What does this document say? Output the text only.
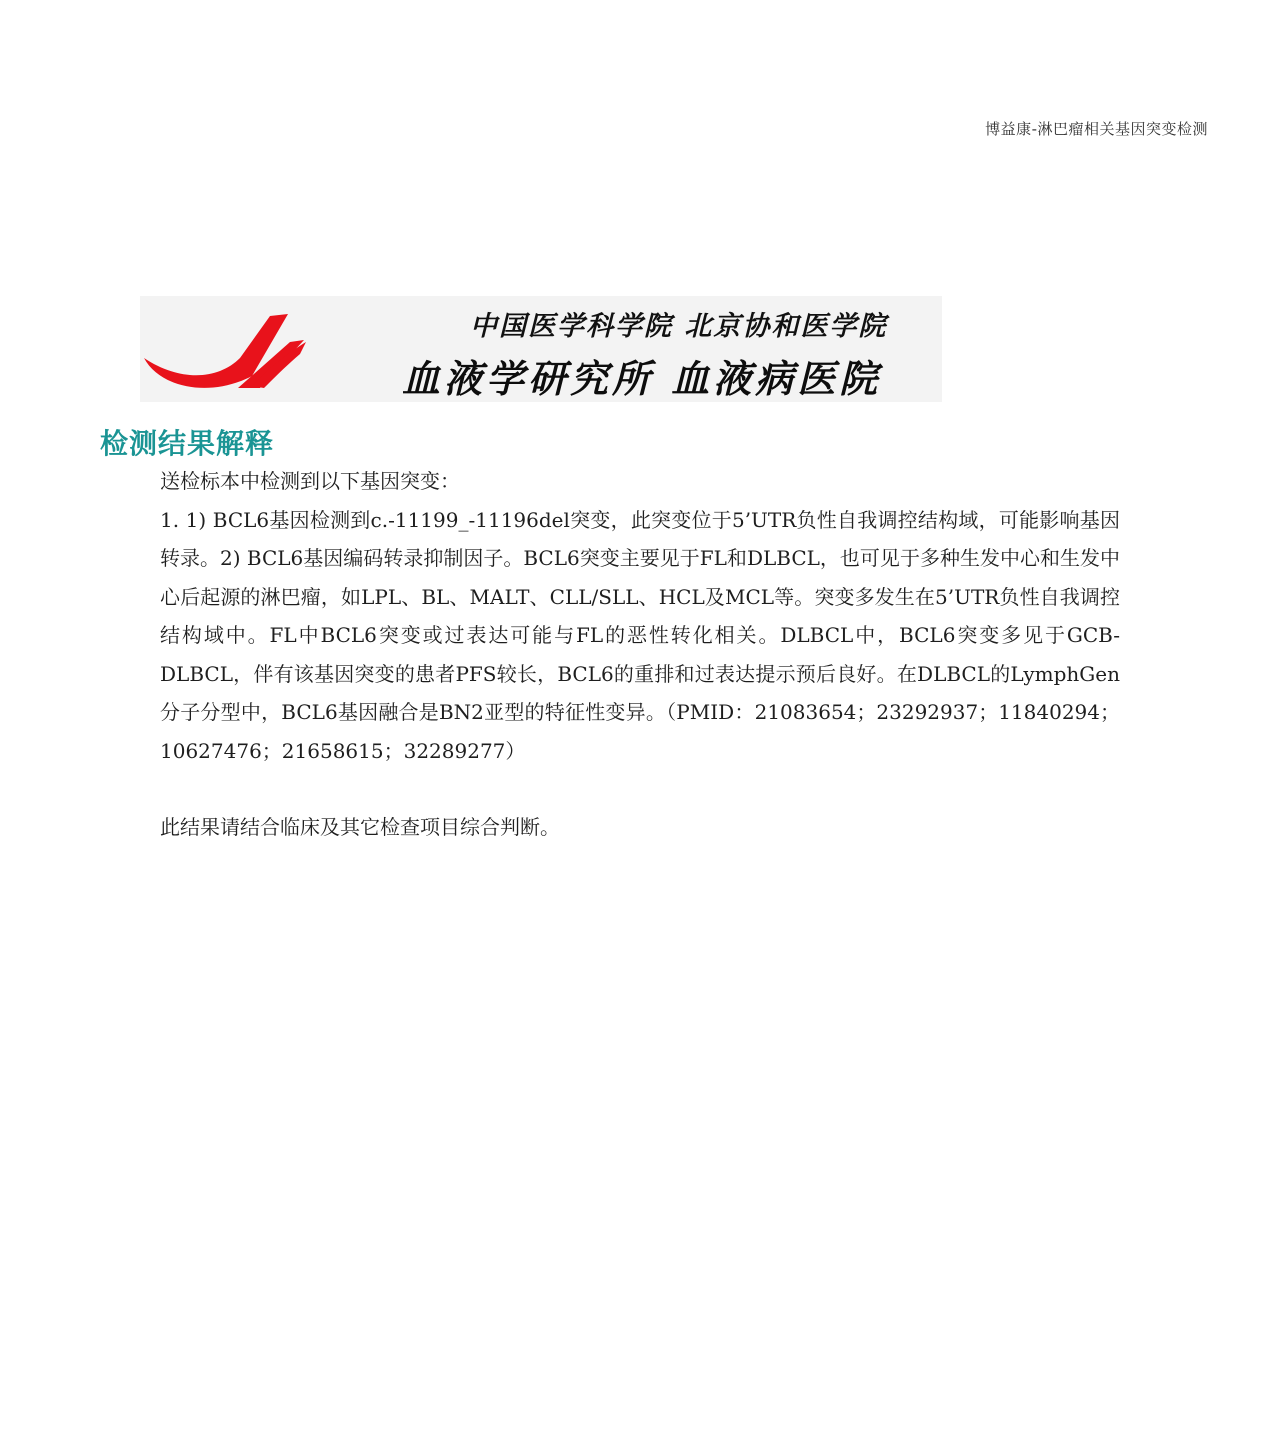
博益康-淋巴瘤相关基因突变检测
中国医学科学院 北京协和医学院
血液学研究所 血液病医院
检测结果解释

送检标本中检测到以下基因突变：

1. 1) BCL6基因检测到c.-11199_-11196del突变，此突变位于5’UTR负性自我调控结构域，可能影响基因转录。2) BCL6基因编码转录抑制因子。BCL6突变主要见于FL和DLBCL，也可见于多种生发中心和生发中心后起源的淋巴瘤，如LPL、BL、MALT、CLL/SLL、HCL及MCL等。突变多发生在5’UTR负性自我调控结构域中。FL中BCL6突变或过表达可能与FL的恶性转化相关。DLBCL中，BCL6突变多见于GCB-DLBCL，伴有该基因突变的患者PFS较长，BCL6的重排和过表达提示预后良好。在DLBCL的LymphGen分子分型中，BCL6基因融合是BN2亚型的特征性变异。（PMID：21083654；23292937；11840294；10627476；21658615；32289277）

此结果请结合临床及其它检查项目综合判断。
